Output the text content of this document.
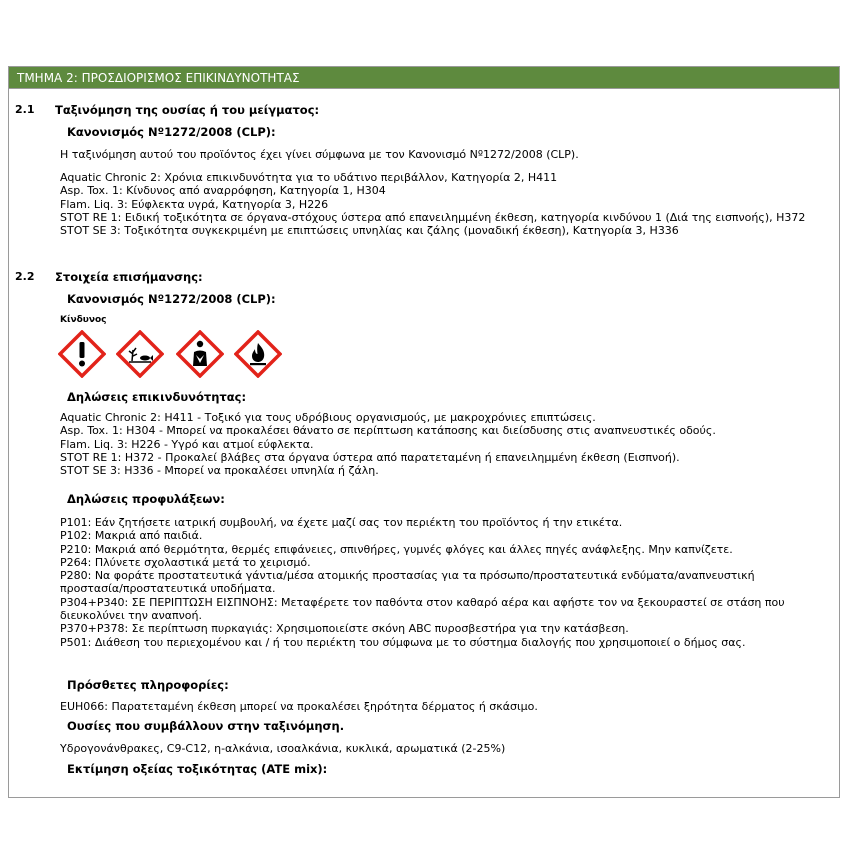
ΤΜΗΜΑ 2: ΠΡΟΣΔΙΟΡΙΣΜΟΣ ΕΠΙΚΙΝΔΥΝΟΤΗΤΑΣ
2.1 Ταξινόμηση της ουσίας ή του μείγματος:
Κανονισμός Νº1272/2008 (CLP):
Η ταξινόμηση αυτού του προϊόντος έχει γίνει σύμφωνα με τον Κανονισμό Nº1272/2008 (CLP).
Aquatic Chronic 2: Χρόνια επικινδυνότητα για το υδάτινο περιβάλλον, Κατηγορία 2, H411
Asp. Tox. 1: Κίνδυνος από αναρρόφηση, Κατηγορία 1, H304
Flam. Liq. 3: Εύφλεκτα υγρά, Κατηγορία 3, H226
STOT RE 1: Ειδική τοξικότητα σε όργανα-στόχους ύστερα από επανειλημμένη έκθεση, κατηγορία κινδύνου 1 (Διά της εισπνοής), H372
STOT SE 3: Τοξικότητα συγκεκριμένη με επιπτώσεις υπνηλίας και ζάλης (μοναδική έκθεση), Κατηγορία 3, H336
2.2 Στοιχεία επισήμανσης:
Κανονισμός Νº1272/2008 (CLP):
Κίνδυνος
Δηλώσεις επικινδυνότητας:
Aquatic Chronic 2: H411 - Τοξικό για τους υδρόβιους οργανισμούς, με μακροχρόνιες επιπτώσεις.
Asp. Tox. 1: H304 - Μπορεί να προκαλέσει θάνατο σε περίπτωση κατάποσης και διείσδυσης στις αναπνευστικές οδούς.
Flam. Liq. 3: H226 - Υγρό και ατμοί εύφλεκτα.
STOT RE 1: H372 - Προκαλεί βλάβες στα όργανα ύστερα από παρατεταμένη ή επανειλημμένη έκθεση (Εισπνοή).
STOT SE 3: H336 - Μπορεί να προκαλέσει υπνηλία ή ζάλη.
Δηλώσεις προφυλάξεων:
P101: Εάν ζητήσετε ιατρική συμβουλή, να έχετε μαζί σας τον περιέκτη του προϊόντος ή την ετικέτα.
P102: Μακριά από παιδιά.
P210: Μακριά από θερμότητα, θερμές επιφάνειες, σπινθήρες, γυμνές φλόγες και άλλες πηγές ανάφλεξης. Μην καπνίζετε.
P264: Πλύνετε σχολαστικά μετά το χειρισμό.
P280: Να φοράτε προστατευτικά γάντια/μέσα ατομικής προστασίας για τα πρόσωπο/προστατευτικά ενδύματα/αναπνευστική
προστασία/προστατευτικά υποδήματα.
P304+P340: ΣΕ ΠΕΡΙΠΤΩΣΗ ΕΙΣΠΝΟΗΣ: Μεταφέρετε τον παθόντα στον καθαρό αέρα και αφήστε τον να ξεκουραστεί σε στάση που
διευκολύνει την αναπνοή.
P370+P378: Σε περίπτωση πυρκαγιάς: Χρησιμοποιείστε σκόνη ABC πυροσβεστήρα για την κατάσβεση.
P501: Διάθεση του περιεχομένου και / ή του περιέκτη του σύμφωνα με το σύστημα διαλογής που χρησιμοποιεί ο δήμος σας.
Πρόσθετες πληροφορίες:
EUH066: Παρατεταμένη έκθεση μπορεί να προκαλέσει ξηρότητα δέρματος ή σκάσιμο.
Ουσίες που συμβάλλουν στην ταξινόμηση.
Υδρογονάνθρακες, C9-C12, η-αλκάνια, ισοαλκάνια, κυκλικά, αρωματικά (2-25%)
Εκτίμηση οξείας τοξικότητας (ATE mix):
